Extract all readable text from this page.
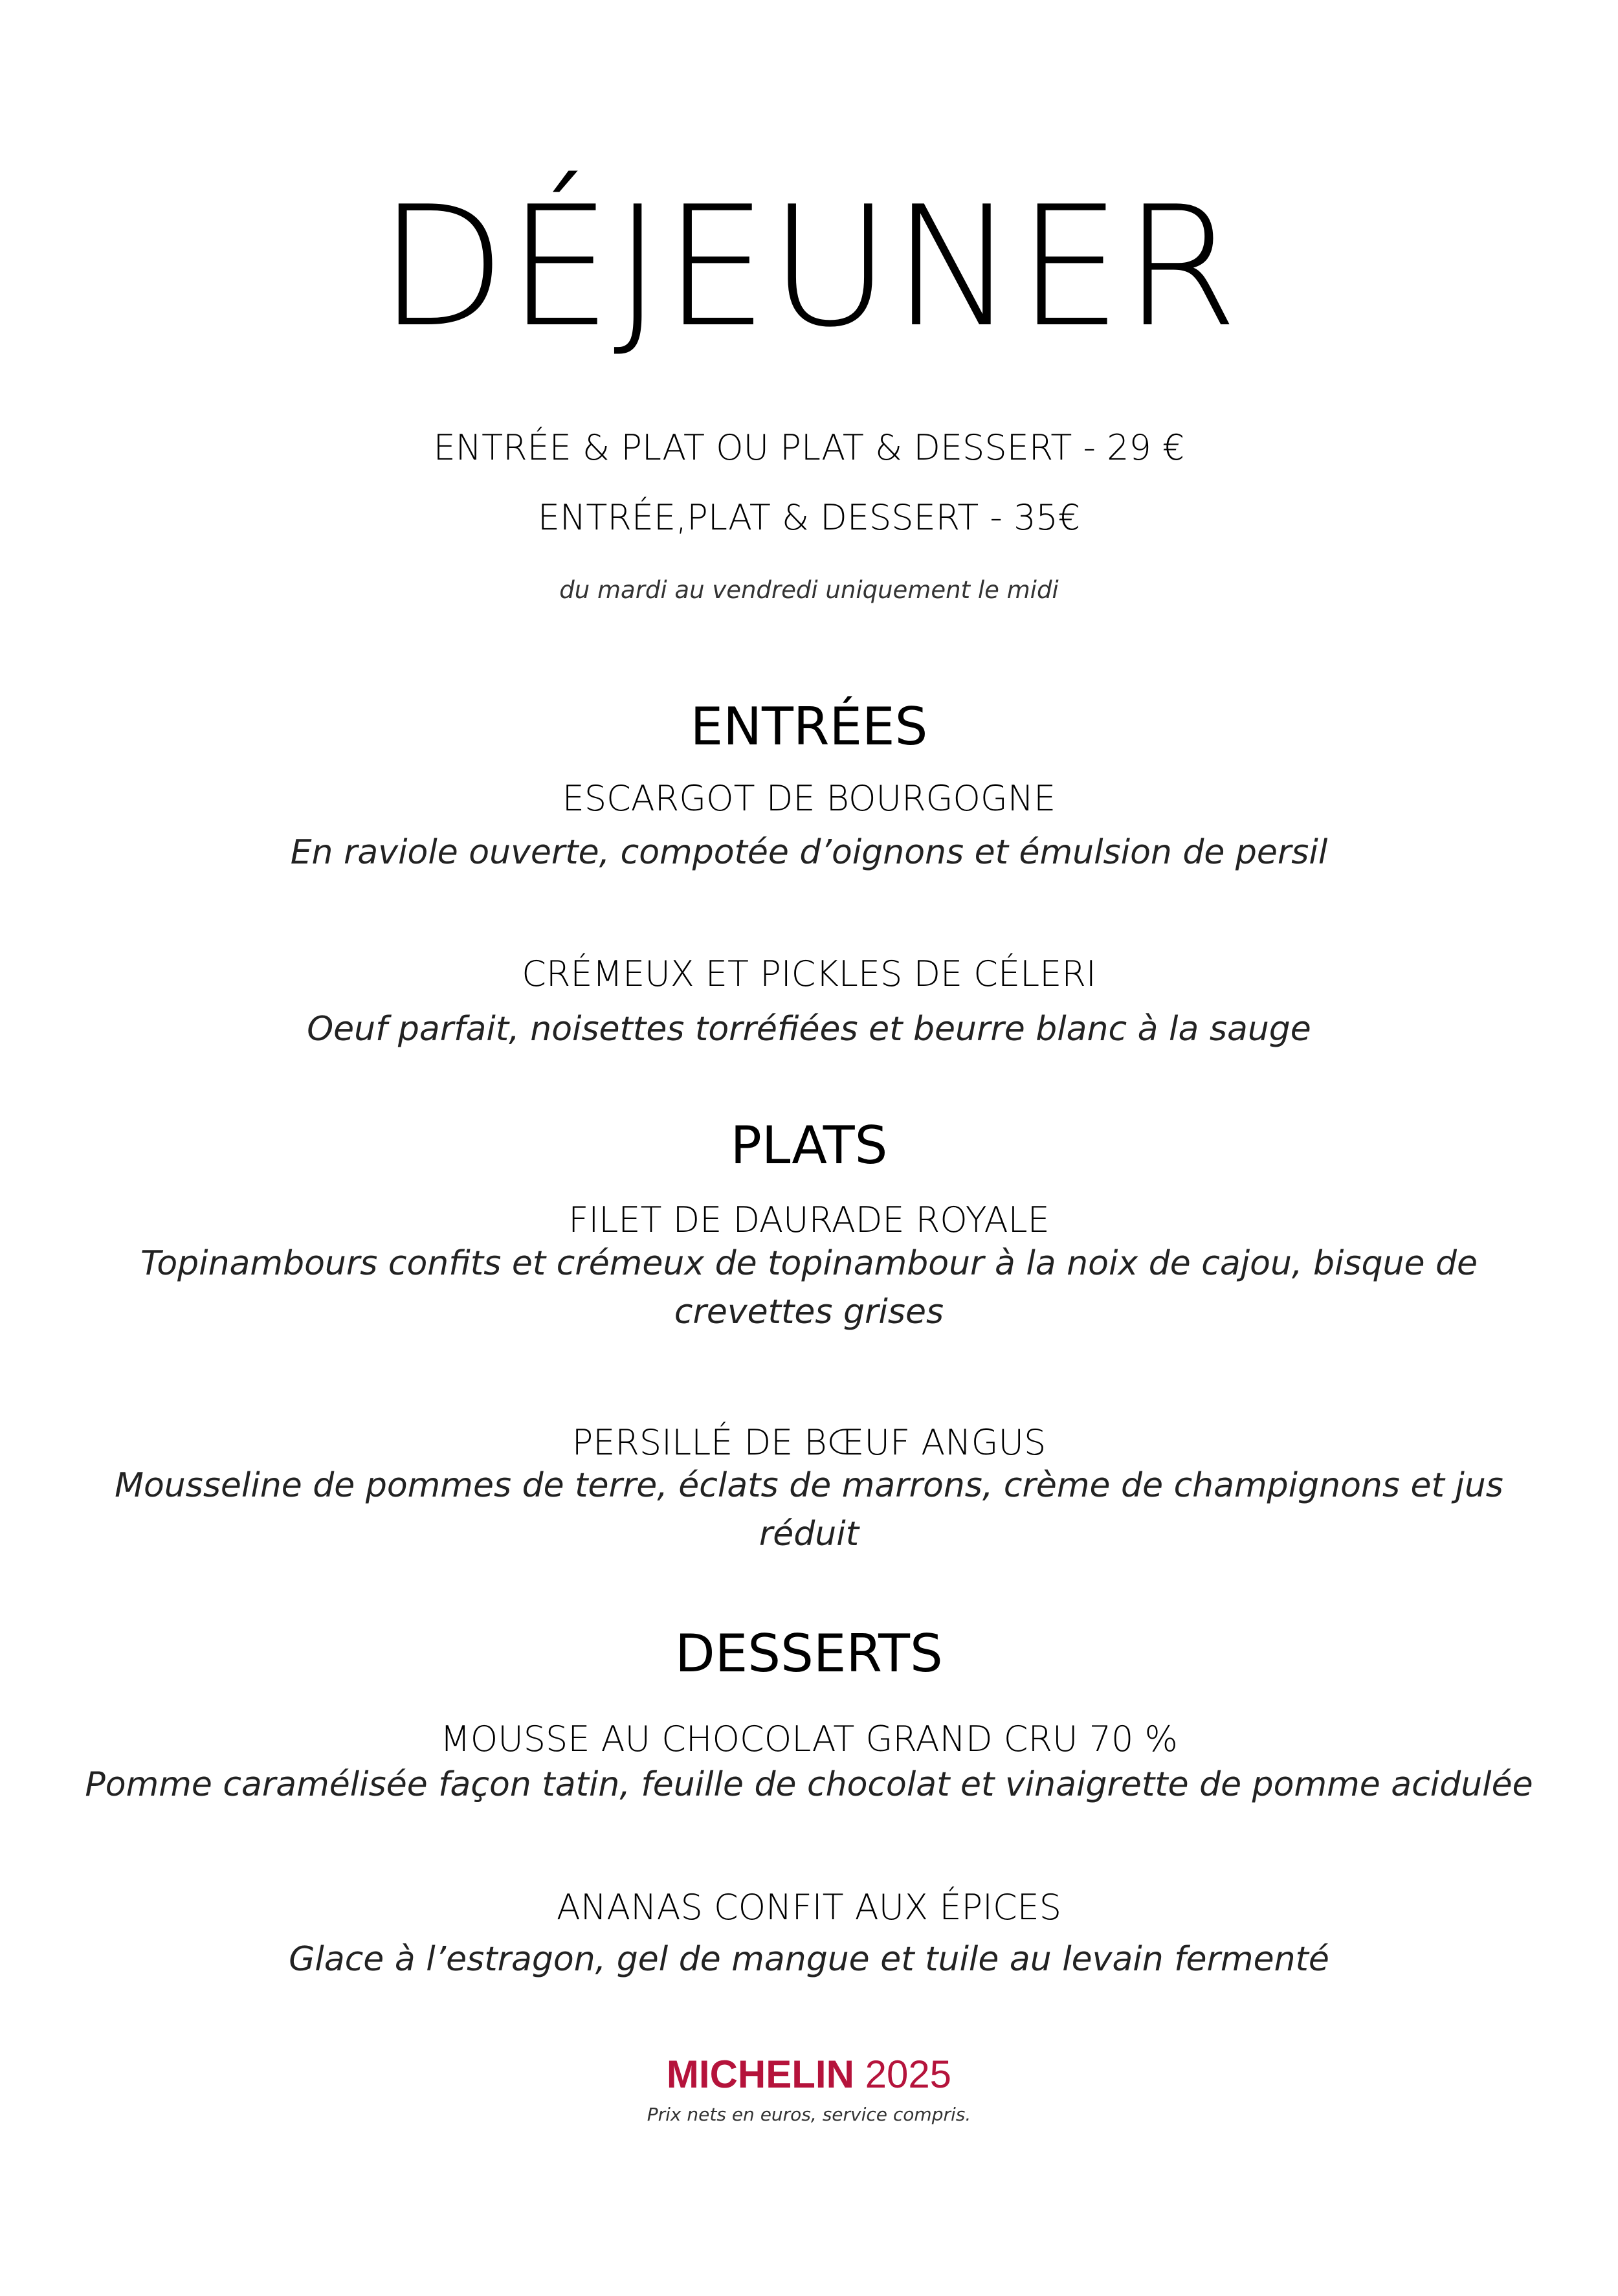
DÉJEUNER
ENTRÉE & PLAT OU PLAT & DESSERT - 29 €
ENTRÉE,PLAT & DESSERT - 35€
du mardi au vendredi uniquement le midi
ENTRÉES
ESCARGOT DE BOURGOGNE
En raviole ouverte, compotée d’oignons et émulsion de persil
CRÉMEUX ET PICKLES DE CÉLERI
Oeuf parfait, noisettes torréfiées et beurre blanc à la sauge
PLATS
FILET DE DAURADE ROYALE
Topinambours confits et crémeux de topinambour à la noix de cajou, bisque de crevettes grises
PERSILLÉ DE BŒUF ANGUS
Mousseline de pommes de terre, éclats de marrons, crème de champignons et jus réduit
DESSERTS
MOUSSE AU CHOCOLAT GRAND CRU 70 %
Pomme caramélisée façon tatin, feuille de chocolat et vinaigrette de pomme acidulée
ANANAS CONFIT AUX ÉPICES
Glace à l’estragon, gel de mangue et tuile au levain fermenté
MICHELIN 2025
Prix nets en euros, service compris.
